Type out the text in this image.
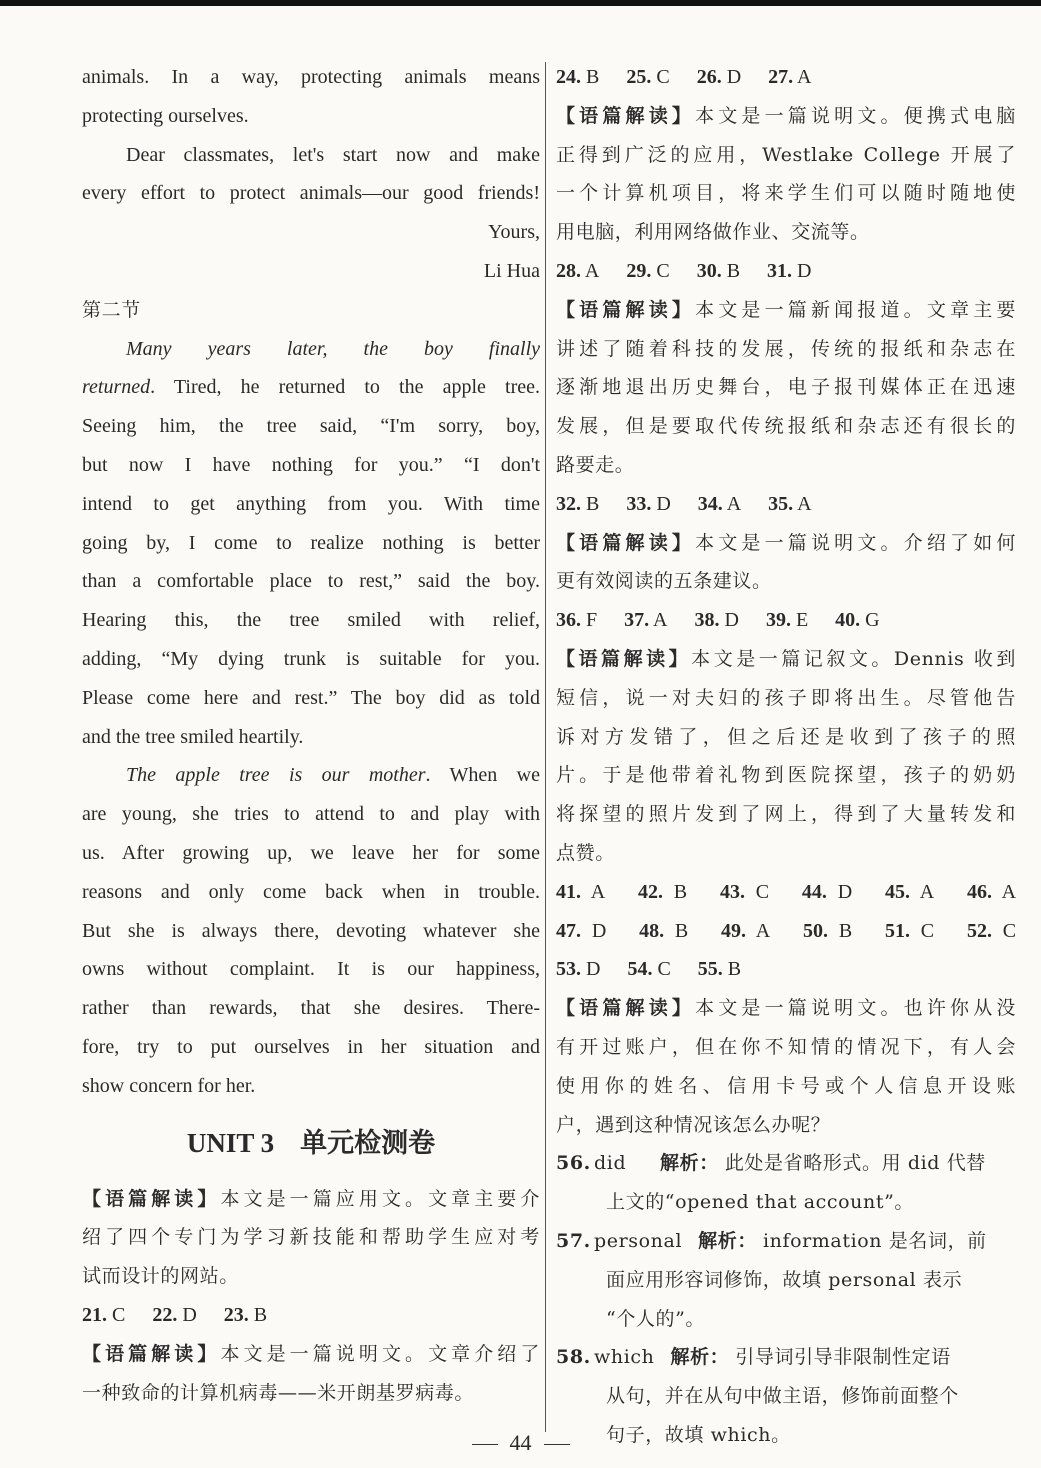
animals. In a way, protecting animals means
protecting ourselves.
Dear classmates, let's start now and make
every effort to protect animals—our good friends!
Yours,
Li Hua
第二节
Many years later, the boy finally
returned. Tired, he returned to the apple tree.
Seeing him, the tree said, “I'm sorry, boy,
but now I have nothing for you.” “I don't
intend to get anything from you. With time
going by, I come to realize nothing is better
than a comfortable place to rest,” said the boy.
Hearing this, the tree smiled with relief,
adding, “My dying trunk is suitable for you.
Please come here and rest.” The boy did as told
and the tree smiled heartily.
The apple tree is our mother. When we
are young, she tries to attend to and play with
us. After growing up, we leave her for some
reasons and only come back when in trouble.
But she is always there, devoting whatever she
owns without complaint. It is our happiness,
rather than rewards, that she desires. There-
fore, try to put ourselves in her situation and
show concern for her.
UNIT 3 单元检测卷
【语篇解读】本文是一篇应用文。文章主要介
绍了四个专门为学习新技能和帮助学生应对考
试而设计的网站。
21. C 22. D 23. B
【语篇解读】本文是一篇说明文。文章介绍了
一种致命的计算机病毒——米开朗基罗病毒。
24. B 25. C 26. D 27. A
【语篇解读】本文是一篇说明文。便携式电脑
正得到广泛的应用，Westlake College 开展了
一个计算机项目，将来学生们可以随时随地使
用电脑，利用网络做作业、交流等。
28. A 29. C 30. B 31. D
【语篇解读】本文是一篇新闻报道。文章主要
讲述了随着科技的发展，传统的报纸和杂志在
逐渐地退出历史舞台，电子报刊媒体正在迅速
发展，但是要取代传统报纸和杂志还有很长的
路要走。
32. B 33. D 34. A 35. A
【语篇解读】本文是一篇说明文。介绍了如何
更有效阅读的五条建议。
36. F 37. A 38. D 39. E 40. G
【语篇解读】本文是一篇记叙文。Dennis 收到
短信，说一对夫妇的孩子即将出生。尽管他告
诉对方发错了，但之后还是收到了孩子的照
片。于是他带着礼物到医院探望，孩子的奶奶
将探望的照片发到了网上，得到了大量转发和
点赞。
41. A 42. B 43. C 44. D 45. A 46. A
47. D 48. B 49. A 50. B 51. C 52. C
53. D 54. C 55. B
【语篇解读】本文是一篇说明文。也许你从没
有开过账户，但在你不知情的情况下，有人会
使用你的姓名、信用卡号或个人信息开设账
户，遇到这种情况该怎么办呢？
56. did 解析： 此处是省略形式。用 did 代替
上文的“opened that account”。
57. personal 解析： information 是名词，前
面应用形容词修饰，故填 personal 表示
“个人的”。
58. which 解析： 引导词引导非限制性定语
从句，并在从句中做主语，修饰前面整个
句子，故填 which。
44
